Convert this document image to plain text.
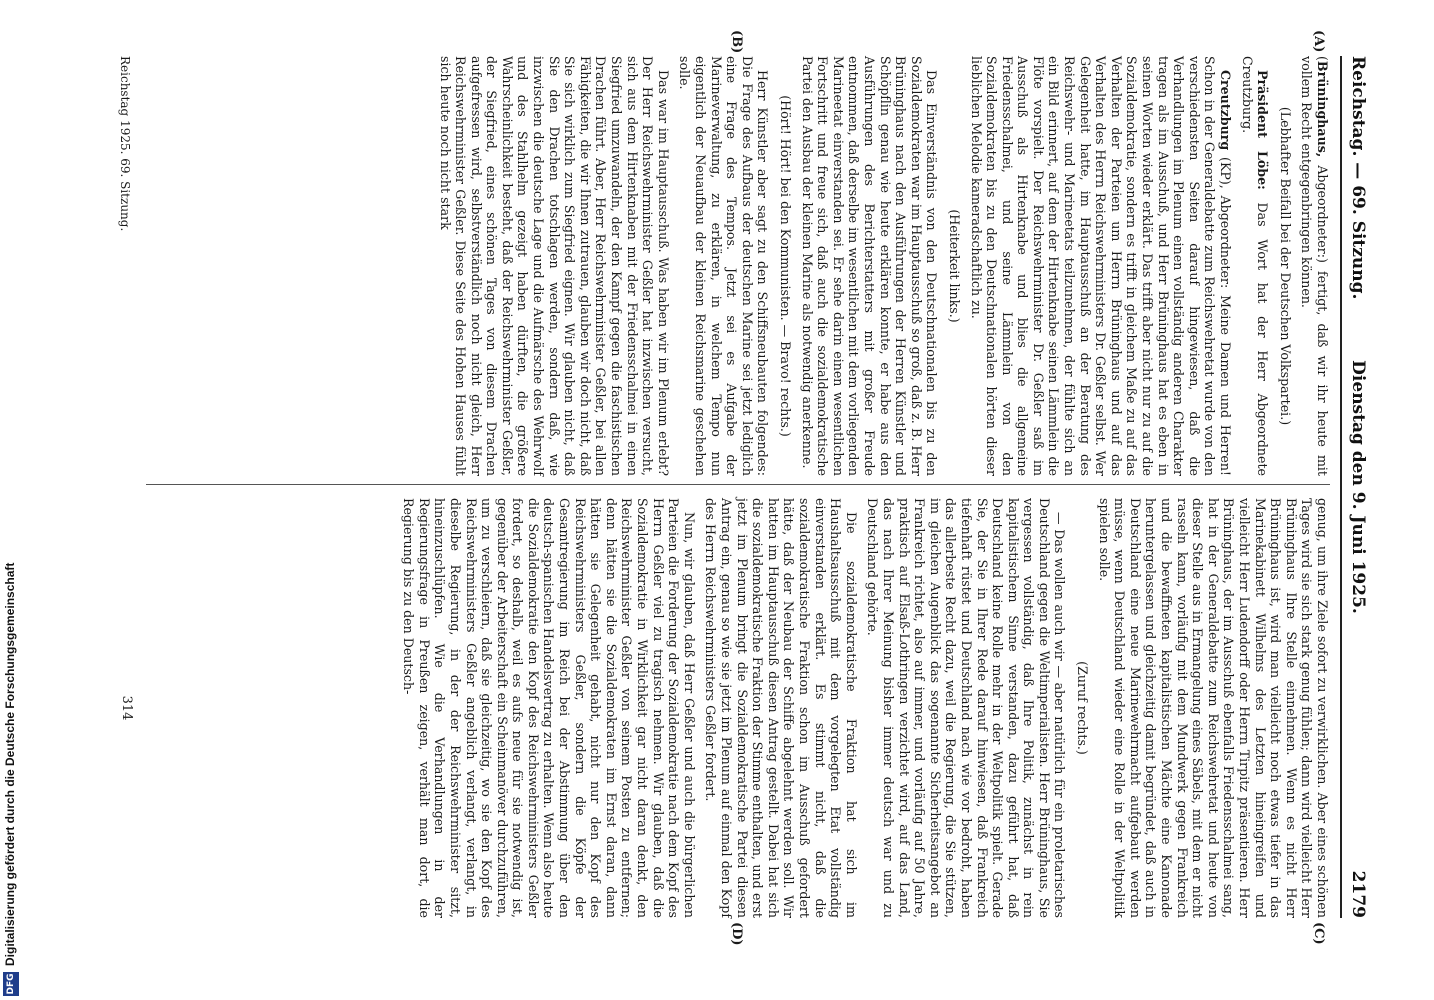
Reichstag. — 69. Sitzung.
Dienstag den 9. Juni 1925.
2179
(A)
(B)
(C)
(D)

(Brüninghaus, Abgeordneter:) fertigt, daß wir ihr heute mit vollem Recht entgegenbringen können.

(Lebhafter Beifall bei der Deutschen Volkspartei.)

Präsident Löbe: Das Wort hat der Herr Abgeordnete Creutzburg.

Creutzburg (KP), Abgeordneter: Meine Damen und Herren! Schon in der Generaldebatte zum Reichswehretat wurde von den verschiedensten Seiten darauf hingewiesen, daß die Verhandlungen im Plenum einen vollständig anderen Charakter tragen als im Ausschuß, und Herr Brüninghaus hat es eben in seinen Worten wieder erklärt. Das trifft aber nicht nur zu auf die Sozialdemokratie, sondern es trifft in gleichem Maße zu auf das Verhalten der Parteien um Herrn Brüninghaus und auf das Verhalten des Herrn Reichswehrministers Dr. Geßler selbst. Wer Gelegenheit hatte, im Hauptausschuß an der Beratung des Reichswehr- und Marineetats teilzunehmen, der fühlte sich an ein Bild erinnert, auf dem der Hirtenknabe seinen Lämmlein die Flöte vorspielt. Der Reichswehrminister Dr. Geßler saß im Ausschuß als Hirtenknabe und blies die allgemeine Friedensschalmei, und seine Lämmlein von den Sozialdemokraten bis zu den Deutschnationalen hörten dieser lieblichen Melodie kameradschaftlich zu.

(Heiterkeit links.)

Das Einverständnis von den Deutschnationalen bis zu den Sozialdemokraten war im Hauptausschuß so groß, daß z. B. Herr Brüninghaus nach den Ausführungen der Herren Künstler und Schöpflin genau wie heute erklären konnte, er habe aus den Ausführungen des Berichterstatters mit großer Freude entnommen, daß derselbe im wesentlichen mit dem vorliegenden Marineetat einverstanden sei. Er sehe darin einen wesentlichen Fortschritt und freue sich, daß auch die sozialdemokratische Partei den Ausbau der kleinen Marine als notwendig anerkenne.

(Hört! Hört! bei den Kommunisten. — Bravo! rechts.)

Herr Künstler aber sagt zu den Schiffsneubauten folgendes: Die Frage des Aufbaus der deutschen Marine sei jetzt lediglich eine Frage des Tempos. Jetzt sei es Aufgabe der Marineverwaltung, zu erklären, in welchem Tempo nun eigentlich der Neuaufbau der kleinen Reichsmarine geschehen solle.

Das war im Hauptausschuß. Was haben wir im Plenum erlebt? Der Herr Reichswehrminister Geßler hat inzwischen versucht, sich aus dem Hirtenknaben mit der Friedensschalmei in einen Siegfried umzuwandeln, der den Kampf gegen die faschistischen Drachen führt. Aber, Herr Reichswehrminister Geßler, bei allen Fähigkeiten, die wir Ihnen zutrauen, glauben wir doch nicht, daß Sie sich wirklich zum Siegfried eignen. Wir glauben nicht, daß Sie den Drachen totschlagen werden, sondern daß, wie inzwischen die deutsche Lage und die Aufmärsche des Wehrwolf und des Stahlhelm gezeigt haben dürften, die größere Wahrscheinlichkeit besteht, daß der Reichswehrminister Geßler, der Siegfried, eines schönen Tages von diesem Drachen aufgefressen wird, selbstverständlich noch nicht gleich, Herr Reichswehrminister Geßler. Diese Seite des Hohen Hauses fühlt sich heute noch nicht stark

genug, um ihre Ziele sofort zu verwirklichen. Aber eines schönen Tages wird sie sich stark genug fühlen; dann wird vielleicht Herr Brüninghaus Ihre Stelle einnehmen. Wenn es nicht Herr Brüninghaus ist, wird man vielleicht noch etwas tiefer in das Marinekabinett Wilhelms des Letzten hineingreifen und vielleicht Herr Ludendorff oder Herrn Tirpitz präsentieren. Herr Brüninghaus, der im Ausschuß ebenfalls Friedensschalmei sang, hat in der Generaldebatte zum Reichswehretat und heute von dieser Stelle aus in Ermangelung eines Säbels, mit dem er nicht rasseln kann, vorläufig mit dem Mundwerk gegen Frankreich und die bewaffneten kapitalistischen Mächte eine Kanonade heruntergelassen und gleichzeitig damit begründet, daß auch in Deutschland eine neue Marinewehrmacht aufgebaut werden müsse, wenn Deutschland wieder eine Rolle in der Weltpolitik spielen solle.

(Zuruf rechts.)

— Das wollen auch wir — aber natürlich für ein proletarisches Deutschland gegen die Weltimperialisten. Herr Brüninghaus, Sie vergessen vollständig, daß Ihre Politik, zunächst in rein kapitalistischem Sinne verstanden, dazu geführt hat, daß Deutschland keine Rolle mehr in der Weltpolitik spielt. Gerade Sie, der Sie in Ihrer Rede darauf hinwiesen, daß Frankreich tiefenhaft rüstet und Deutschland nach wie vor bedroht, haben das allerbeste Recht dazu, weil die Regierung, die Sie stützen, im gleichen Augenblick das sogenannte Sicherheitsangebot an Frankreich richtet, also auf immer, und vorläufig auf 50 Jahre, praktisch auf Elsaß-Lothringen verzichtet wird, auf das Land, das nach Ihrer Meinung bisher immer deutsch war und zu Deutschland gehörte.

Die sozialdemokratische Fraktion hat sich im Haushaltsausschuß mit dem vorgelegten Etat vollständig einverstanden erklärt. Es stimmt nicht, daß die sozialdemokratische Fraktion schon im Ausschuß gefordert hätte, daß der Neubau der Schiffe abgelehnt werden soll. Wir hatten im Hauptausschuß diesen Antrag gestellt. Dabei hat sich die sozialdemokratische Fraktion der Stimme enthalten, und erst jetzt im Plenum bringt die Sozialdemokratische Partei diesen Antrag ein, genau so wie sie jetzt im Plenum auf einmal den Kopf des Herrn Reichswehrministers Geßler fordert.

Nun, wir glauben, daß Herr Geßler und auch die bürgerlichen Parteien die Forderung der Sozialdemokratie nach dem Kopf des Herrn Geßler viel zu tragisch nehmen. Wir glauben, daß die Sozialdemokratie in Wirklichkeit gar nicht daran denkt, den Reichswehrminister Geßler von seinem Posten zu entfernen; denn hätten sie die Sozialdemokraten im Ernst daran, dann hätten sie Gelegenheit gehabt, nicht nur den Kopf des Reichswehrministers Geßler, sondern die Köpfe der Gesamtregierung im Reich bei der Abstimmung über den deutsch-spanischen Handelsvertrag zu erhalten. Wenn also heute die Sozialdemokratie den Kopf des Reichswehrministers Geßler fordert, so deshalb, weil es aufs neue für sie notwendig ist, gegenüber der Arbeiterschaft ein Scheinmanöver durchzuführen, um zu verschleiern, daß sie gleichzeitig, wo sie den Kopf des Reichswehrministers Geßler angeblich verlangt, verlangt, in dieselbe Regierung, in der der Reichswehrminister sitzt, hineinzuschlüpfen. Wie die Verhandlungen in der Regierungsfrage in Preußen zeigen, verhält man dort, die Regierung bis zu den Deutsch-

Reichstag 1925. 69. Sitzung.
314
DFG
Digitalisierung gefördert durch die Deutsche Forschungsgemeinschaft
